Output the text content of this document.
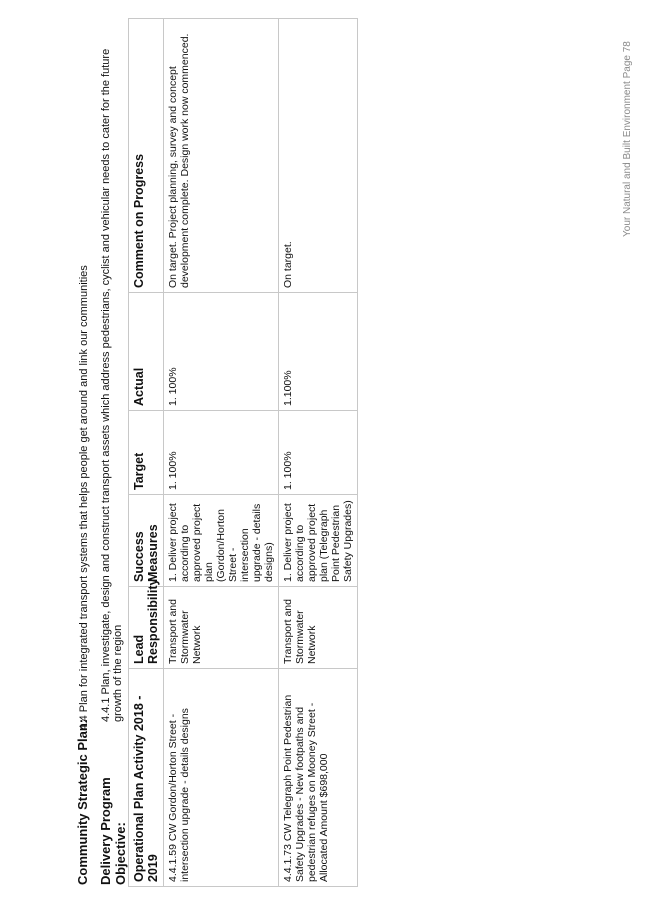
Community Strategic Plan: 4.4 Plan for integrated transport systems that helps people get around and link our communities
Delivery Program Objective:
4.4.1 Plan, investigate, design and construct transport assets which address pedestrians, cyclist and vehicular needs to cater for the future growth of the region
Operational Plan Activity 2018 - 2019	Lead Responsibility	Success Measures	Target	Actual	Comment on Progress
4.4.1.59 CW Gordon/Horton Street - intersection upgrade - details designs	Transport and Stormwater Network	1. Deliver project according to approved project plan (Gordon/Horton Street - intersection upgrade - details designs)	1. 100%	1. 100%	On target. Project planning, survey and concept development complete. Design work now commenced.
4.4.1.73 CW Telegraph Point Pedestrian Safety Upgrades - New footpaths and pedestrian refuges on Mooney Street - Allocated Amount $698,000	Transport and Stormwater Network	1. Deliver project according to approved project plan (Telegraph Point Pedestrian Safety Upgrades)	1. 100%	1.100%	On target.
Your Natural and Built Environment Page 78
